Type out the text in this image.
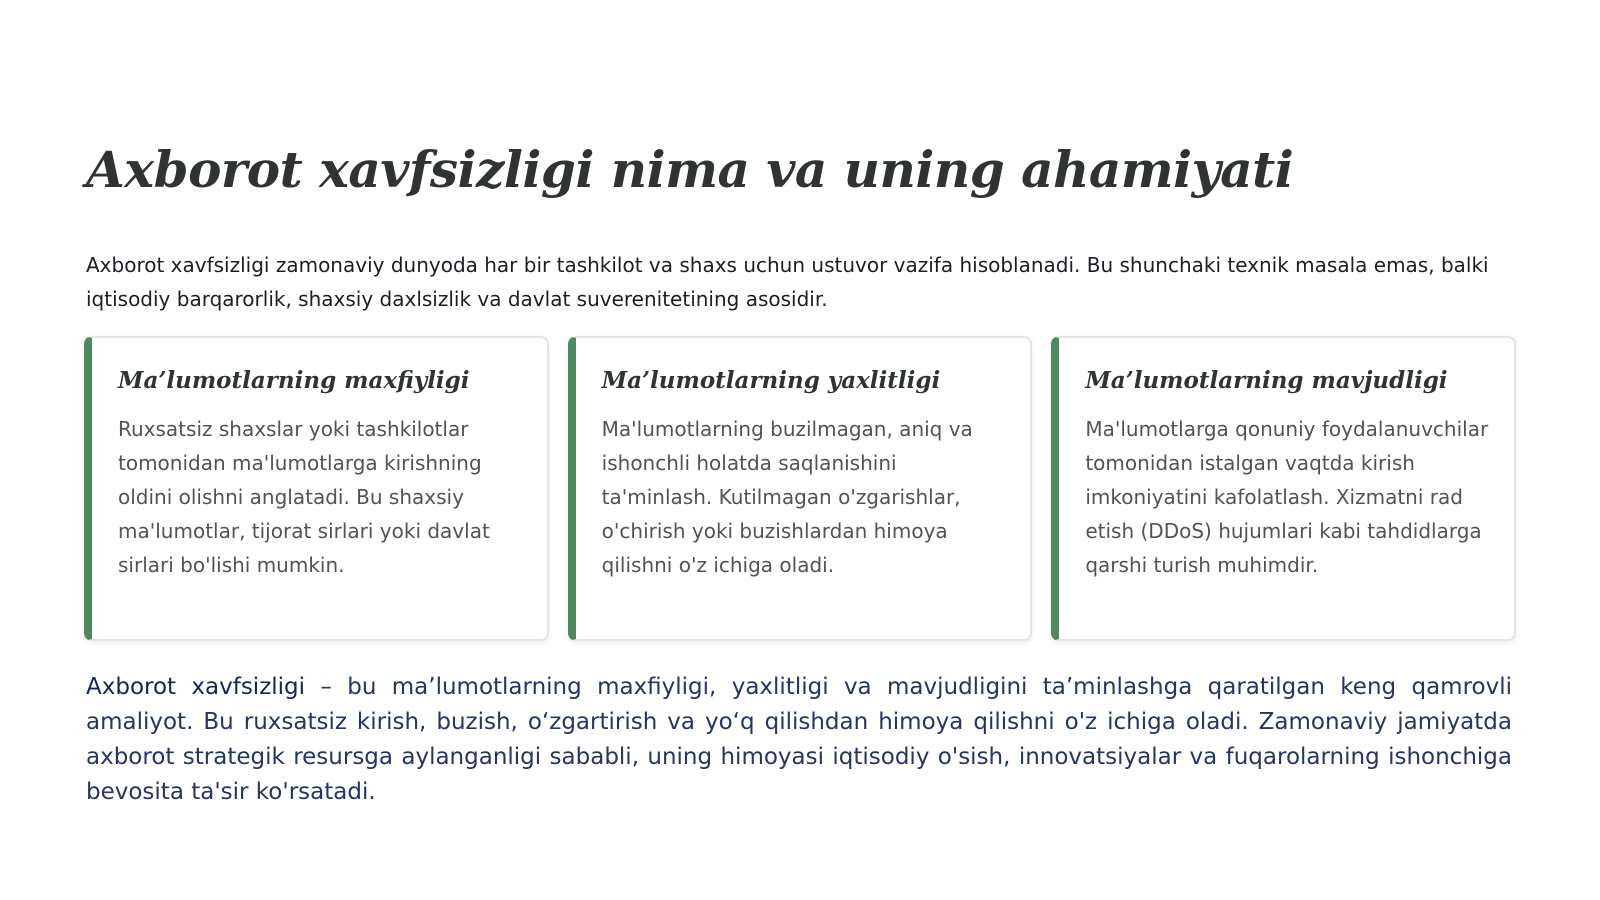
Axborot xavfsizligi nima va uning ahamiyati

Axborot xavfsizligi zamonaviy dunyoda har bir tashkilot va shaxs uchun ustuvor vazifa hisoblanadi. Bu shunchaki texnik masala emas, balki iqtisodiy barqarorlik, shaxsiy daxlsizlik va davlat suverenitetining asosidir.

Ma’lumotlarning maxfiyligi

Ruxsatsiz shaxslar yoki tashkilotlar tomonidan ma'lumotlarga kirishning oldini olishni anglatadi. Bu shaxsiy ma'lumotlar, tijorat sirlari yoki davlat sirlari bo'lishi mumkin.

Ma’lumotlarning yaxlitligi

Ma'lumotlarning buzilmagan, aniq va ishonchli holatda saqlanishini ta'minlash. Kutilmagan o'zgarishlar, o'chirish yoki buzishlardan himoya qilishni o'z ichiga oladi.

Ma’lumotlarning mavjudligi

Ma'lumotlarga qonuniy foydalanuvchilar tomonidan istalgan vaqtda kirish imkoniyatini kafolatlash. Xizmatni rad etish (DDoS) hujumlari kabi tahdidlarga qarshi turish muhimdir.

Axborot xavfsizligi – bu ma’lumotlarning maxfiyligi, yaxlitligi va mavjudligini ta’minlashga qaratilgan keng qamrovli amaliyot. Bu ruxsatsiz kirish, buzish, o‘zgartirish va yo‘q qilishdan himoya qilishni o'z ichiga oladi. Zamonaviy jamiyatda axborot strategik resursga aylanganligi sababli, uning himoyasi iqtisodiy o'sish, innovatsiyalar va fuqarolarning ishonchiga bevosita ta'sir ko'rsatadi.
